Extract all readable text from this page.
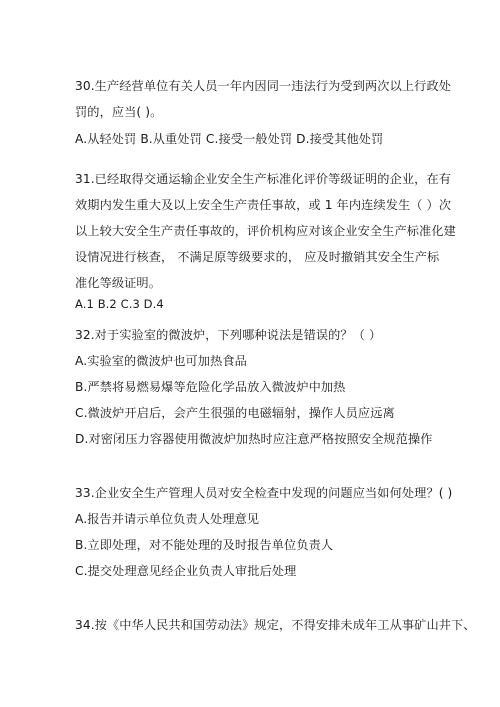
30.生产经营单位有关人员一年内因同一违法行为受到两次以上行政处
罚的，应当( )。
A.从轻处罚 B.从重处罚 C.接受一般处罚 D.接受其他处罚
31.已经取得交通运输企业安全生产标准化评价等级证明的企业，在有
效期内发生重大及以上安全生产责任事故，或 1 年内连续发生（ ）次
以上较大安全生产责任事故的，评价机构应对该企业安全生产标准化建
设情况进行核查， 不满足原等级要求的， 应及时撤销其安全生产标
准化等级证明。
A.1 B.2 C.3 D.4
32.对于实验室的微波炉，下列哪种说法是错误的？（ ）
A.实验室的微波炉也可加热食品
B.严禁将易燃易爆等危险化学品放入微波炉中加热
C.微波炉开启后，会产生很强的电磁辐射，操作人员应远离
D.对密闭压力容器使用微波炉加热时应注意严格按照安全规范操作
33.企业安全生产管理人员对安全检查中发现的问题应当如何处理？( )
A.报告并请示单位负责人处理意见
B.立即处理，对不能处理的及时报告单位负责人
C.提交处理意见经企业负责人审批后处理
34.按《中华人民共和国劳动法》规定，不得安排未成年工从事矿山井下、
